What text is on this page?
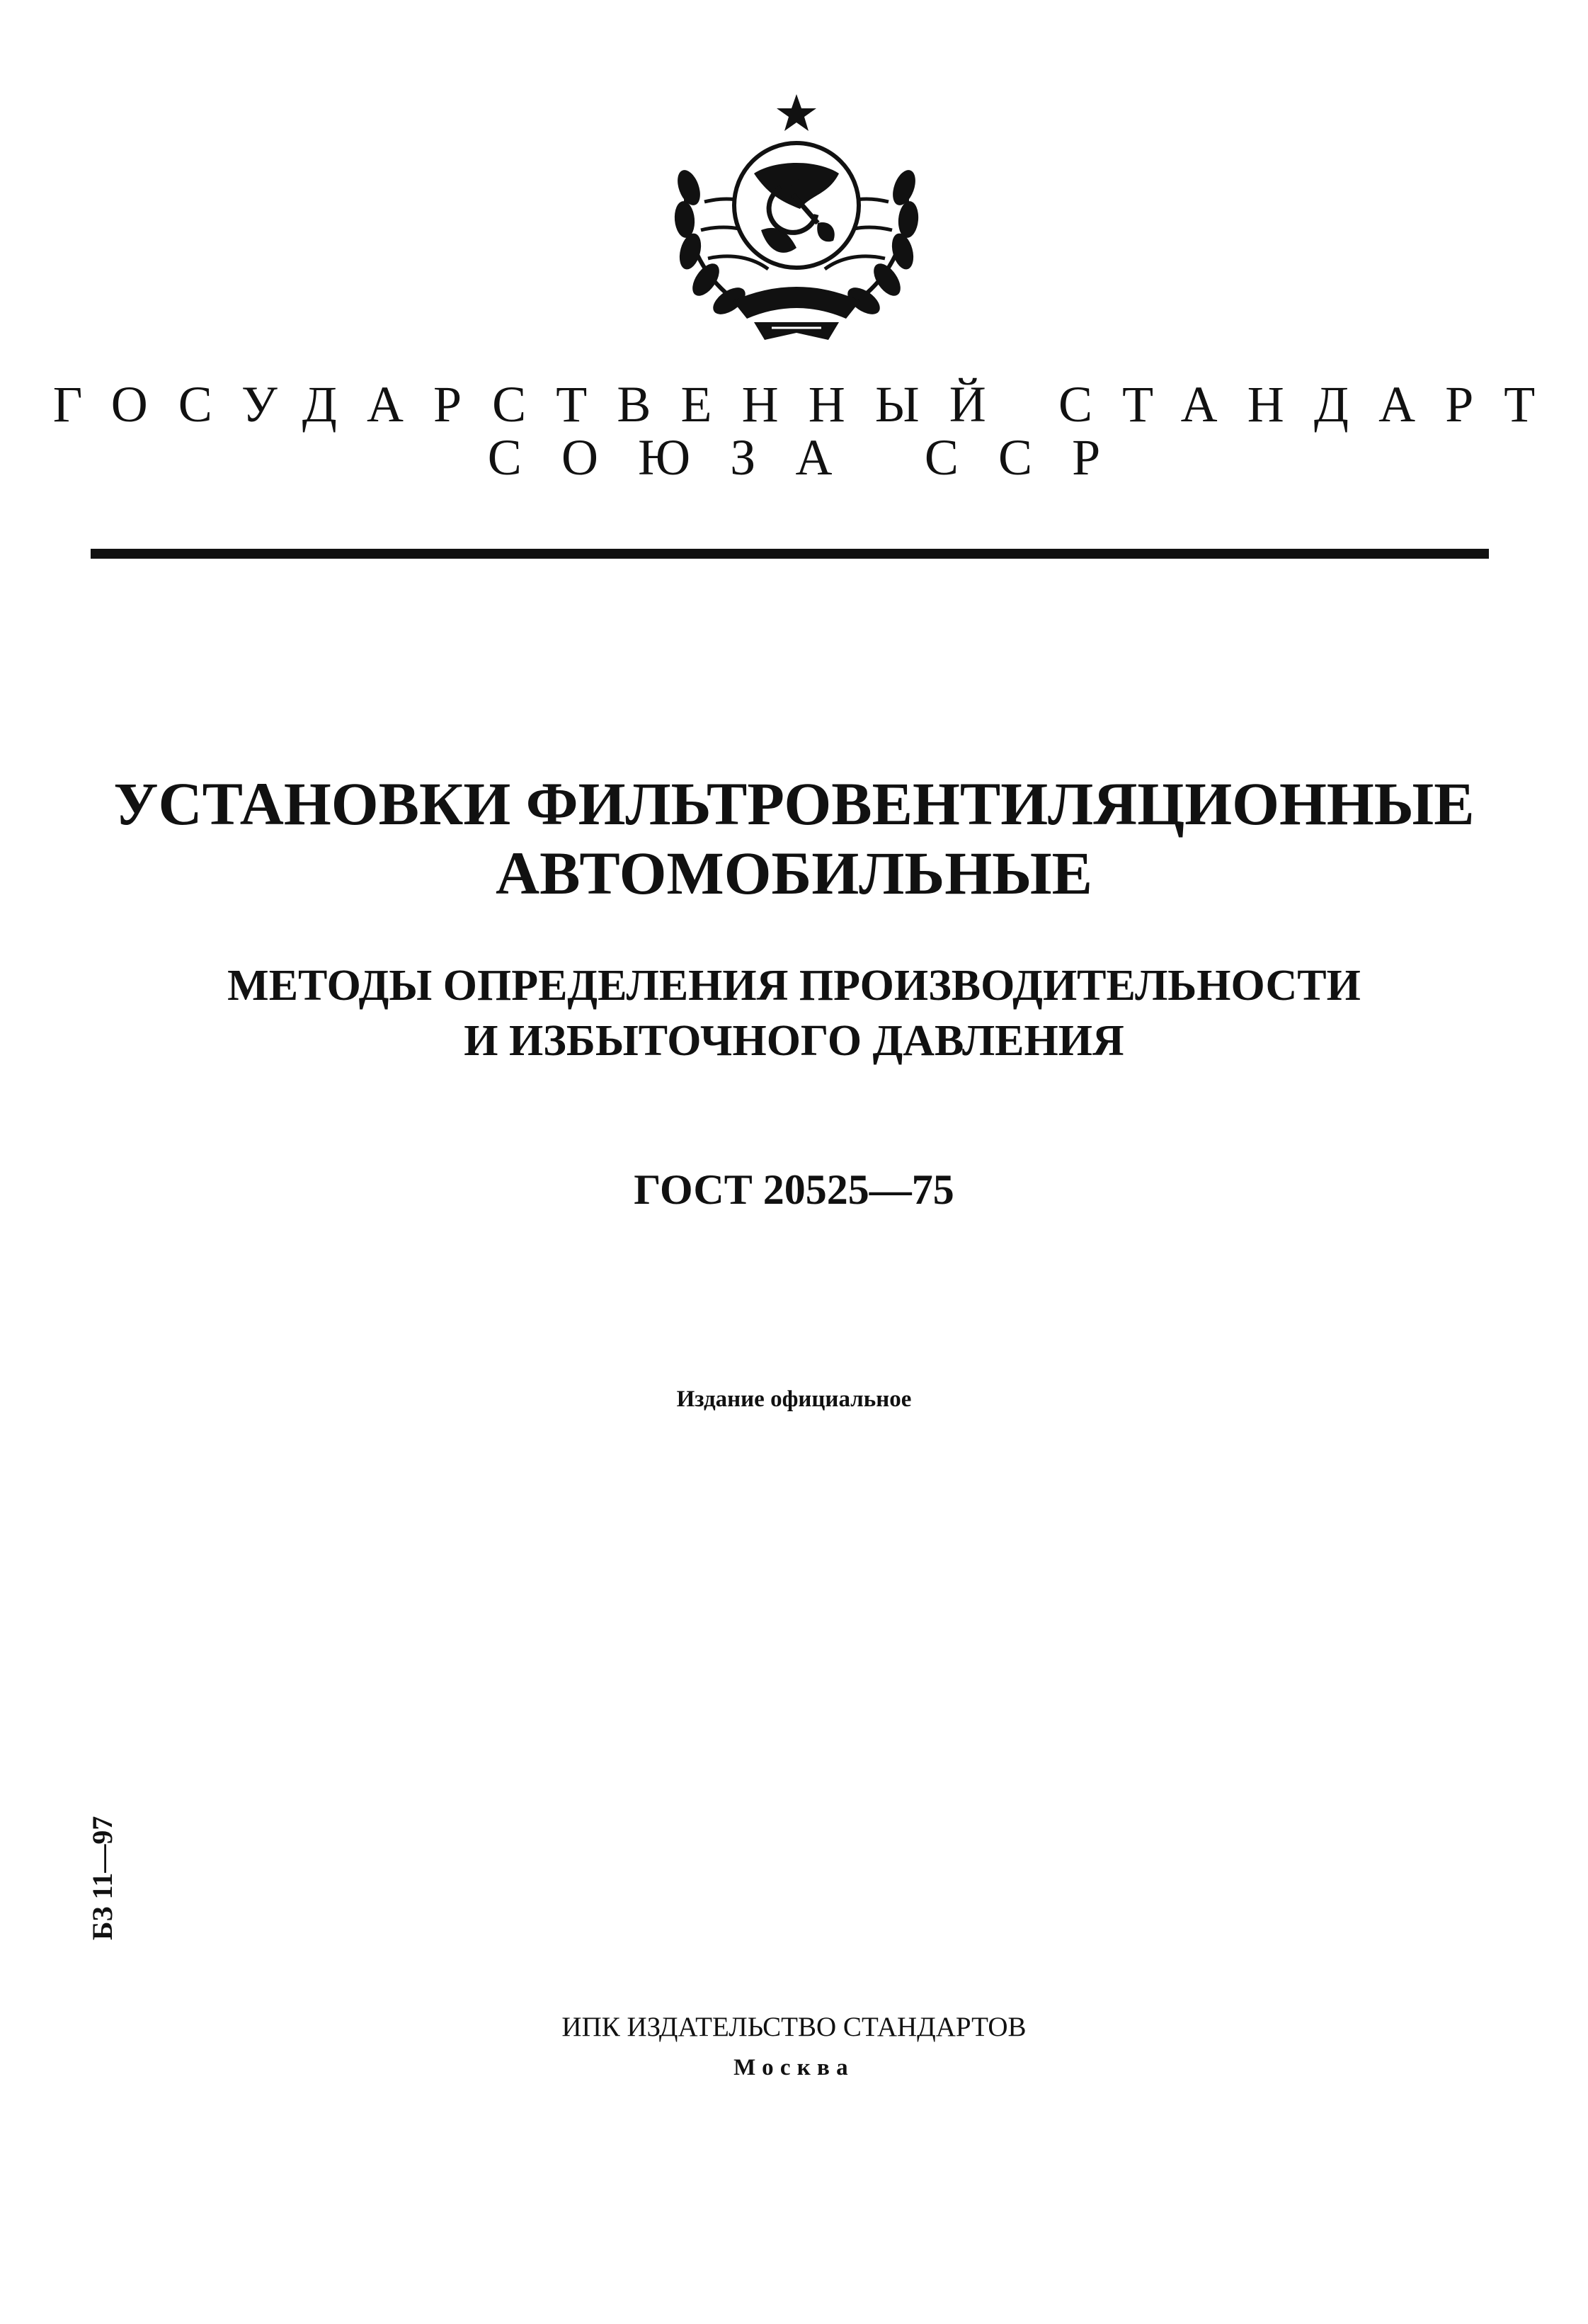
ГОСУДАРСТВЕННЫЙ СТАНДАРТ
СОЮЗА ССР
УСТАНОВКИ ФИЛЬТРОВЕНТИЛЯЦИОННЫЕ
АВТОМОБИЛЬНЫЕ
МЕТОДЫ ОПРЕДЕЛЕНИЯ ПРОИЗВОДИТЕЛЬНОСТИ
И ИЗБЫТОЧНОГО ДАВЛЕНИЯ
ГОСТ 20525—75
Издание официальное
БЗ 11—97
ИПК ИЗДАТЕЛЬСТВО СТАНДАРТОВ
Москва
